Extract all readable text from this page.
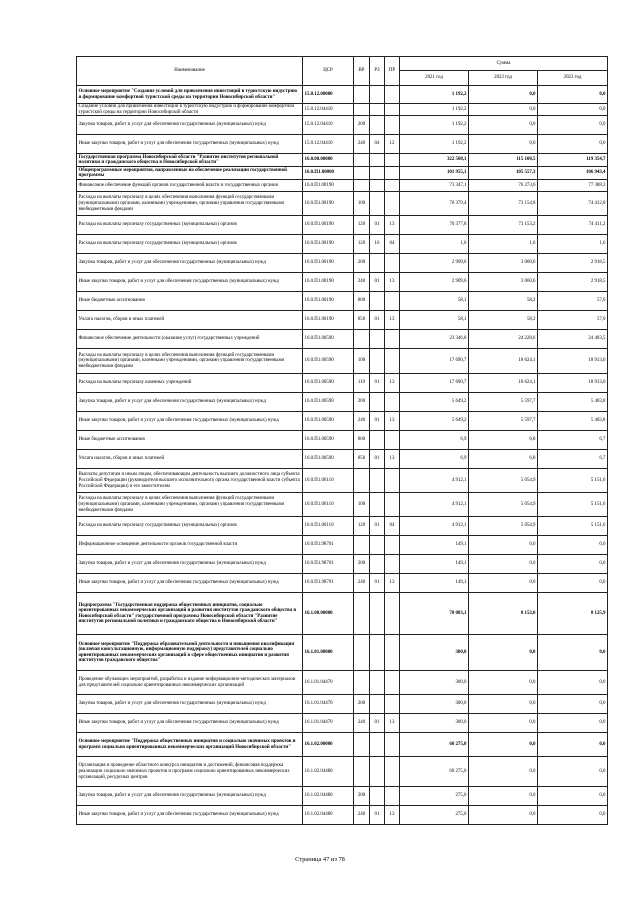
Наименование	ЦСР	ВР	РЗ	ПР	Сумма		
					2021 год	2022 год	2023 год
Основное мероприятие "Создание условий для привлечения инвестиций в туристскую индустрию и формирование комфортной туристской среды на территории Новосибирской области"	15.0.12.00000				1 192,2	0,0	0,0
Создание условий для привлечения инвестиций в туристскую индустрию и формирование комфортной туристской среды на территории Новосибирской области	15.0.12.04410				1 192,2	0,0	0,0
Закупка товаров, работ и услуг для обеспечения государственных (муниципальных) нужд	15.0.12.04410	200			1 192,2	0,0	0,0
Иные закупки товаров, работ и услуг для обеспечения государственных (муниципальных) нужд	15.0.12.04410	240	04	12	1 192,2	0,0	0,0
Государственная программа Новосибирской области "Развитие институтов региональной политики и гражданского общества в Новосибирской области"	16.0.00.00000				322 508,1	115 108,5	119 354,7
Общепрограммные мероприятия, направленные на обеспечение реализации государственной программы	16.0.П1.00000				101 955,1	105 557,3	106 943,4
Финансовое обеспечение функций органов государственной власти и государственных органов	16.0.П1.00190				73 347,1	76 273,6	77 388,3
Расходы на выплаты персоналу в целях обеспечения выполнения функций государственными (муниципальными) органами, казенными учреждениями, органами управления государственными внебюджетными фондами	16.0.П1.00190	100			70 379,4	73 154,8	74 412,8
Расходы на выплаты персоналу государственных (муниципальных) органов	16.0.П1.00190	120	01	13	70 377,8	73 153,2	74 411,2
Расходы на выплаты персоналу государственных (муниципальных) органов	16.0.П1.00190	120	10	04	1,6	1,6	1,6
Закупка товаров, работ и услуг для обеспечения государственных (муниципальных) нужд	16.0.П1.00190	200			2 909,6	3 060,6	2 918,5
Иные закупки товаров, работ и услуг для обеспечения государственных (муниципальных) нужд	16.0.П1.00190	240	01	13	2 909,6	3 060,6	2 918,5
Иные бюджетные ассигнования	16.0.П1.00190	800			58,1	58,2	57,0
Уплата налогов, сборов и иных платежей	16.0.П1.00190	850	01	13	58,1	58,2	57,0
Финансовое обеспечение деятельности (оказания услуг) государственных учреждений	16.0.П1.00590				23 346,8	24 228,6	24 403,5
Расходы на выплаты персоналу в целях обеспечения выполнения функций государственными (муниципальными) органами, казенными учреждениями, органами управления государственными внебюджетными фондами	16.0.П1.00590	100			17 690,7	18 624,1	18 913,0
Расходы на выплаты персоналу казенных учреждений	16.0.П1.00590	110	01	13	17 690,7	18 624,1	18 913,0
Закупка товаров, работ и услуг для обеспечения государственных (муниципальных) нужд	16.0.П1.00590	200			5 649,2	5 597,7	5 483,8
Иные закупки товаров, работ и услуг для обеспечения государственных (муниципальных) нужд	16.0.П1.00590	240	01	13	5 649,2	5 597,7	5 483,8
Иные бюджетные ассигнования	16.0.П1.00590	800			6,9	6,8	6,7
Уплата налогов, сборов и иных платежей	16.0.П1.00590	850	01	13	6,9	6,8	6,7
Выплаты депутатам и иным лицам, обеспечивающим деятельность высшего должностного лица субъекта Российской Федерации (руководителя высшего исполнительного органа государственной власти субъекта Российской Федерации) и его заместителям	16.0.П1.06110				4 912,1	5 054,9	5 151,6
Расходы на выплаты персоналу в целях обеспечения выполнения функций государственными (муниципальными) органами, казенными учреждениями, органами управления государственными внебюджетными фондами	16.0.П1.06110	100			4 912,1	5 054,9	5 151,6
Расходы на выплаты персоналу государственных (муниципальных) органов	16.0.П1.06110	120	01	04	4 912,1	5 054,9	5 151,6
Информационное освещение деятельности органов государственной власти	16.0.П1.98701				149,1	0,0	0,0
Закупка товаров, работ и услуг для обеспечения государственных (муниципальных) нужд	16.0.П1.98701	200			149,1	0,0	0,0
Иные закупки товаров, работ и услуг для обеспечения государственных (муниципальных) нужд	16.0.П1.98701	240	01	13	149,1	0,0	0,0
Подпрограмма "Государственная поддержка общественных инициатив, социально ориентированных некоммерческих организаций и развития институтов гражданского общества в Новосибирской области" государственной программы Новосибирской области "Развитие институтов региональной политики и гражданского общества в Новосибирской области"	16.1.00.00000				70 083,1	8 153,0	8 125,9
Основное мероприятие "Поддержка образовательной деятельности и повышения квалификации (включая консультационную, информационную поддержку) представителей социально ориентированных некоммерческих организаций в сфере общественных инициатив и развития институтов гражданского общества"	16.1.01.00000				300,0	0,0	0,0
Проведение обучающих мероприятий, разработка и издание информационно-методических материалов для представителей социально ориентированных некоммерческих организаций	16.1.01.04470				300,0	0,0	0,0
Закупка товаров, работ и услуг для обеспечения государственных (муниципальных) нужд	16.1.01.04470	200			300,0	0,0	0,0
Иные закупки товаров, работ и услуг для обеспечения государственных (муниципальных) нужд	16.1.01.04470	240	01	13	300,0	0,0	0,0
Основное мероприятие "Поддержка общественных инициатив и социально значимых проектов и программ социально ориентированных некоммерческих организаций Новосибирской области"	16.1.02.00000				60 275,0	0,0	0,0
Организация и проведение областного конкурса инициатив и достижений, финансовая поддержка реализации социально значимых проектов и программ социально ориентированных некоммерческих организаций, ресурсных центров	16.1.02.04480				60 275,0	0,0	0,0
Закупка товаров, работ и услуг для обеспечения государственных (муниципальных) нужд	16.1.02.04480	200			275,0	0,0	0,0
Иные закупки товаров, работ и услуг для обеспечения государственных (муниципальных) нужд	16.1.02.04480	240	01	13	275,0	0,0	0,0
Страница 47 из 78
